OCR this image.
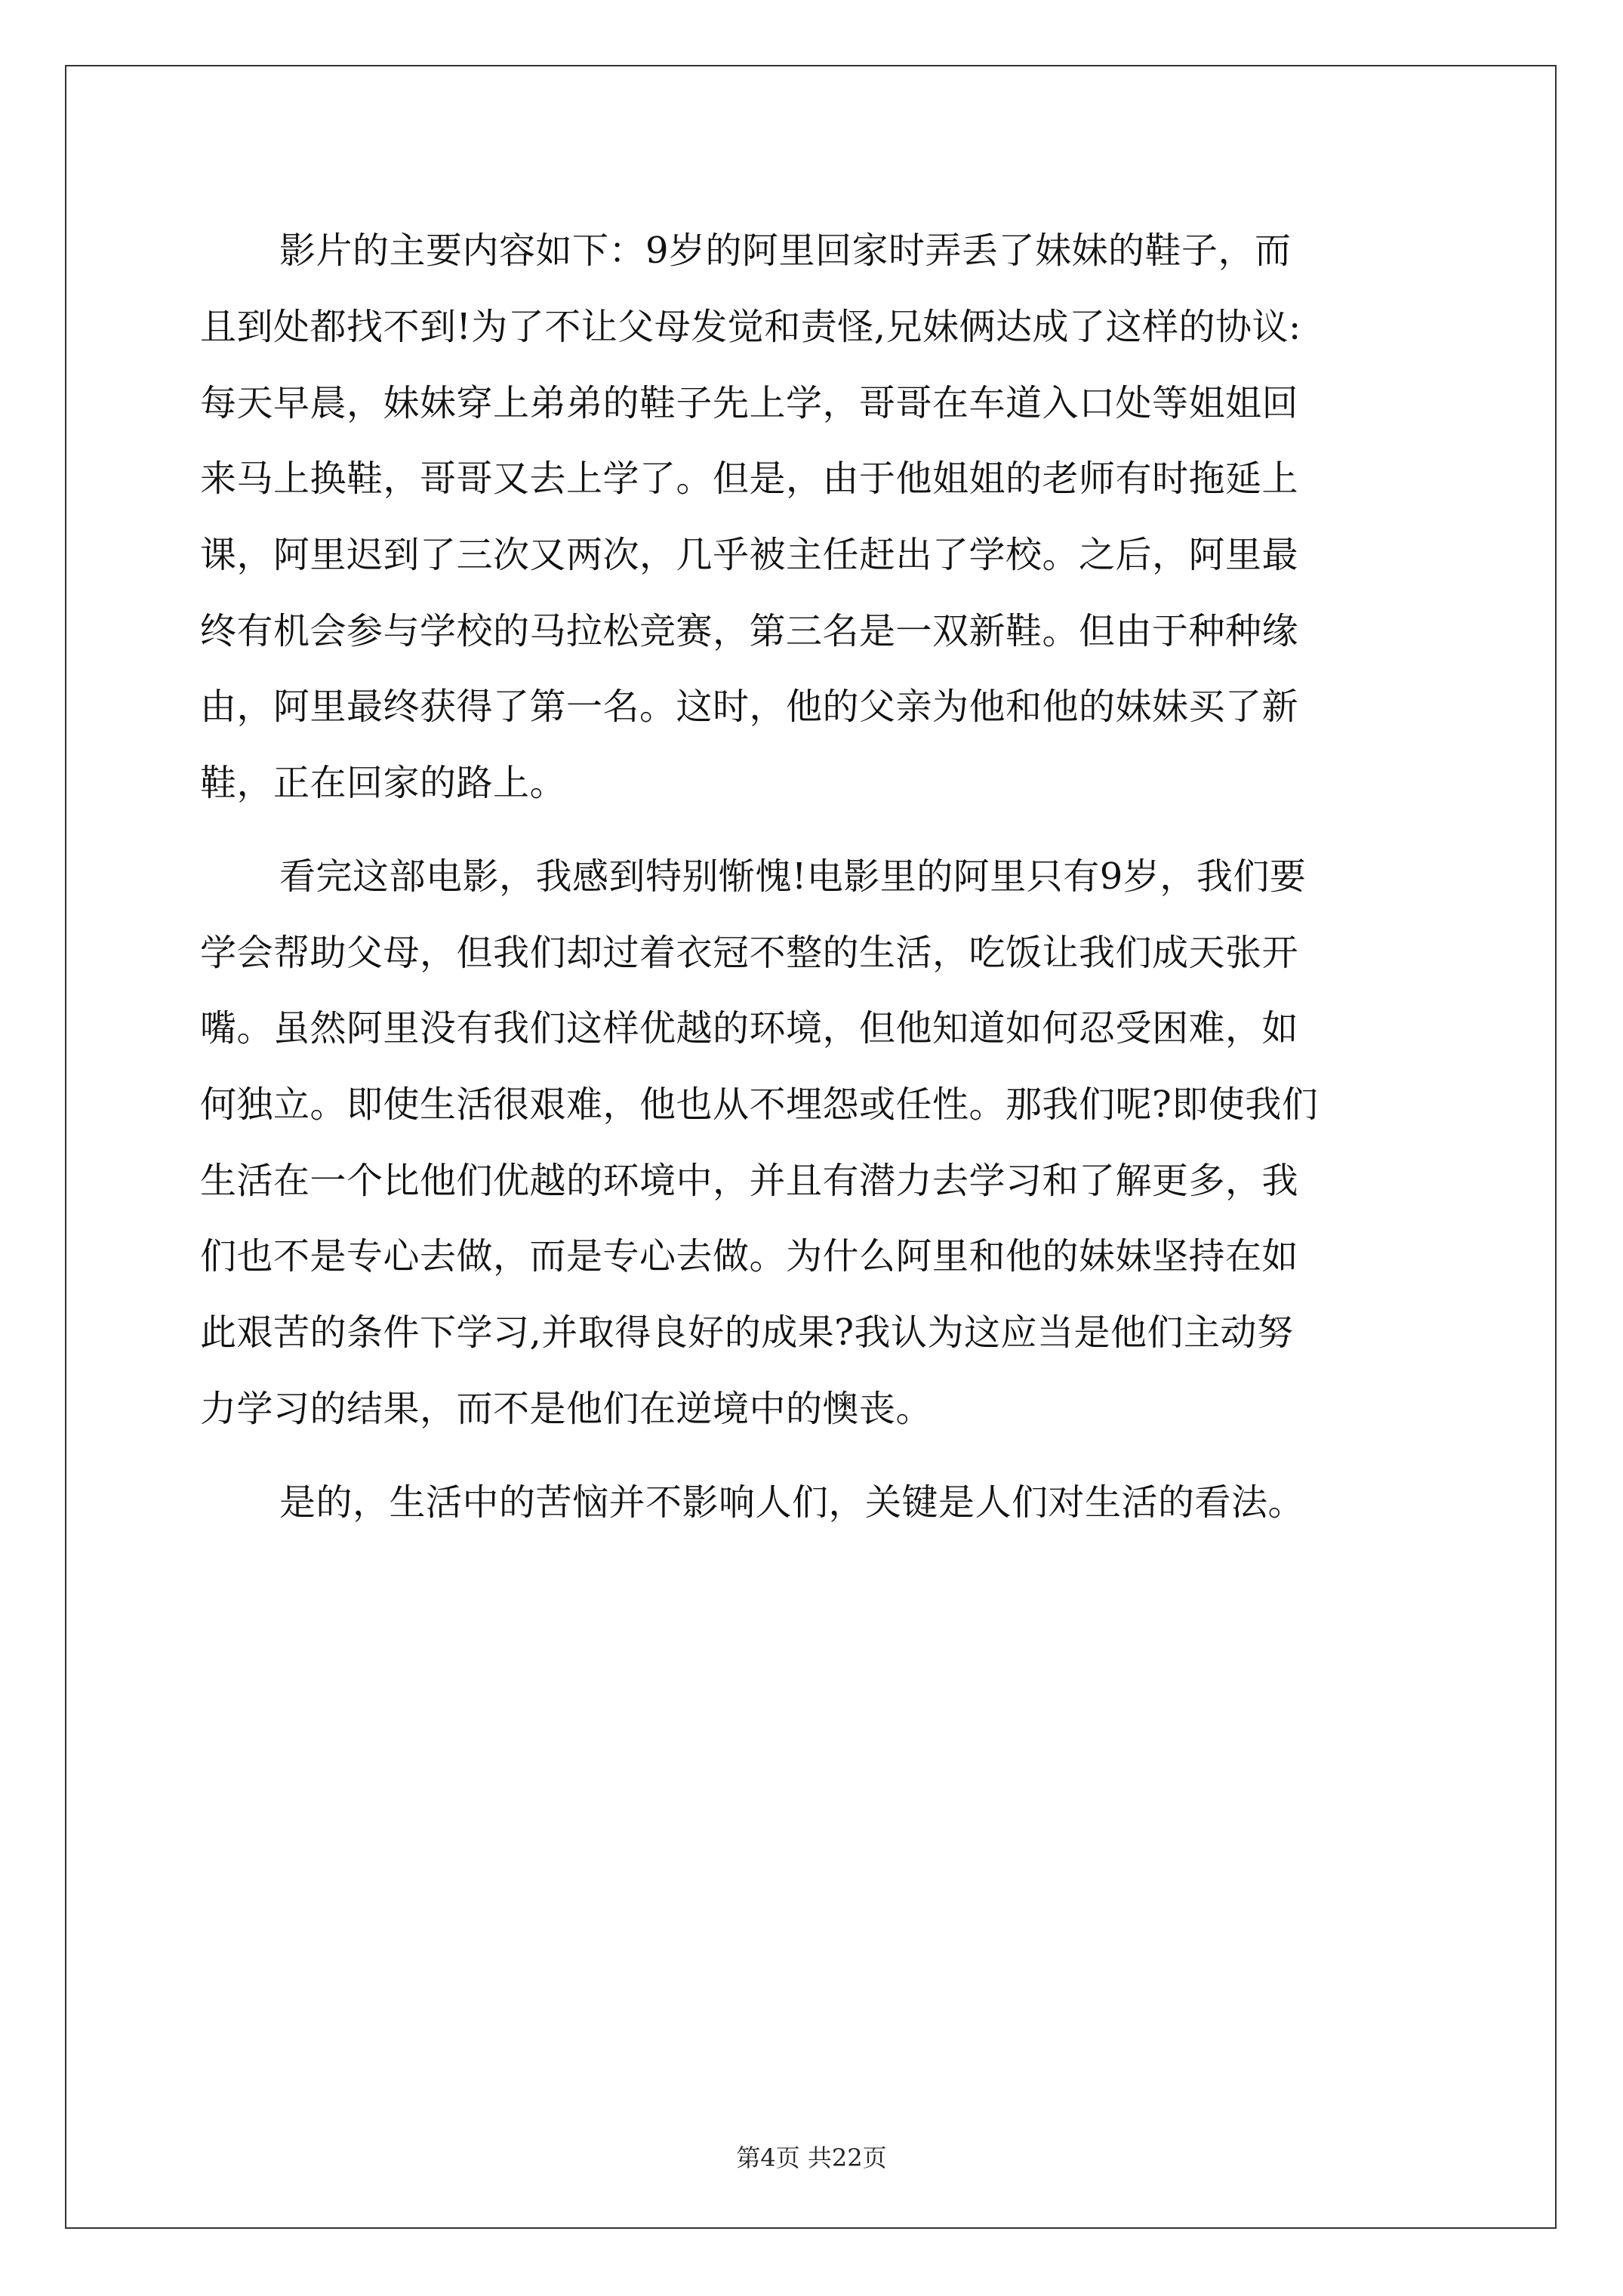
影片的主要内容如下：9岁的阿里回家时弄丢了妹妹的鞋子，而
且到处都找不到!为了不让父母发觉和责怪,兄妹俩达成了这样的协议:
每天早晨，妹妹穿上弟弟的鞋子先上学，哥哥在车道入口处等姐姐回
来马上换鞋，哥哥又去上学了。但是，由于他姐姐的老师有时拖延上
课，阿里迟到了三次又两次，几乎被主任赶出了学校。之后，阿里最
终有机会参与学校的马拉松竞赛，第三名是一双新鞋。但由于种种缘
由，阿里最终获得了第一名。这时，他的父亲为他和他的妹妹买了新
鞋，正在回家的路上。
看完这部电影，我感到特别惭愧!电影里的阿里只有9岁，我们要
学会帮助父母，但我们却过着衣冠不整的生活，吃饭让我们成天张开
嘴。虽然阿里没有我们这样优越的环境，但他知道如何忍受困难，如
何独立。即使生活很艰难，他也从不埋怨或任性。那我们呢?即使我们
生活在一个比他们优越的环境中，并且有潜力去学习和了解更多，我
们也不是专心去做，而是专心去做。为什么阿里和他的妹妹坚持在如
此艰苦的条件下学习,并取得良好的成果?我认为这应当是他们主动努
力学习的结果，而不是他们在逆境中的懊丧。
是的，生活中的苦恼并不影响人们，关键是人们对生活的看法。
第4页 共22页
